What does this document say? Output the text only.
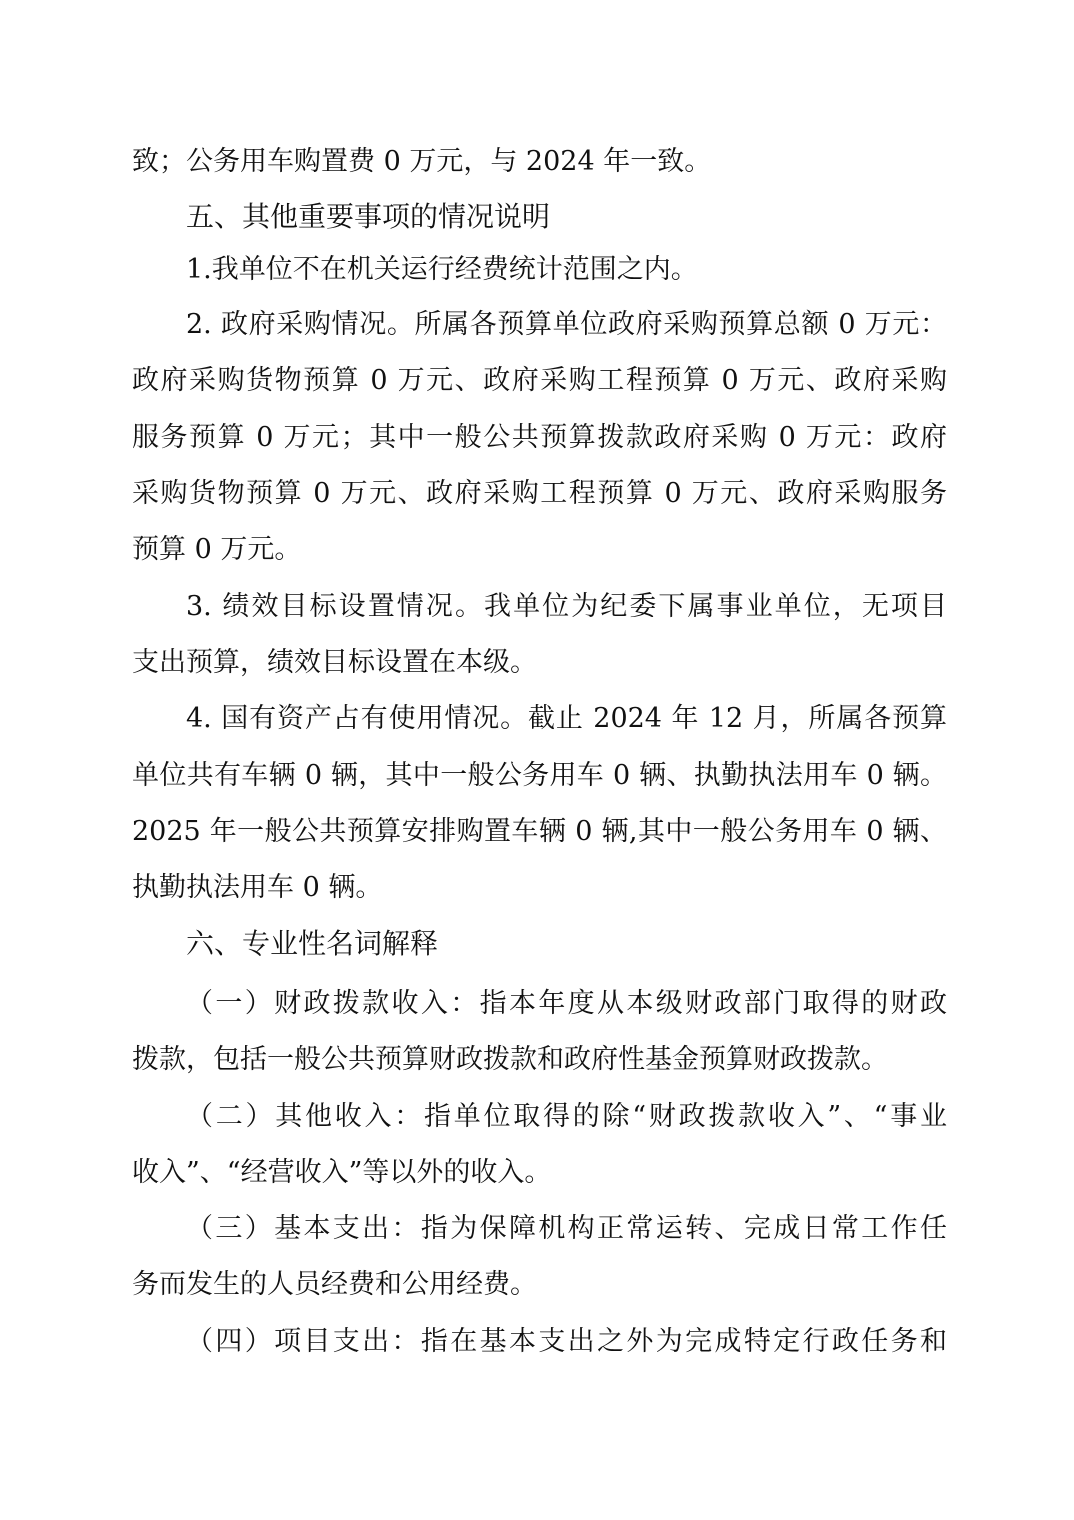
致；公务用车购置费 0 万元，与 2024 年一致。
五、其他重要事项的情况说明
1.我单位不在机关运行经费统计范围之内。
2. 政府采购情况。所属各预算单位政府采购预算总额 0 万元：
政府采购货物预算 0 万元、政府采购工程预算 0 万元、政府采购
服务预算 0 万元；其中一般公共预算拨款政府采购 0 万元：政府
采购货物预算 0 万元、政府采购工程预算 0 万元、政府采购服务
预算 0 万元。
3. 绩效目标设置情况。我单位为纪委下属事业单位，无项目
支出预算，绩效目标设置在本级。
4. 国有资产占有使用情况。截止 2024 年 12 月，所属各预算
单位共有车辆 0 辆，其中一般公务用车 0 辆、执勤执法用车 0 辆。
2025 年一般公共预算安排购置车辆 0 辆,其中一般公务用车 0 辆、
执勤执法用车 0 辆。
六、专业性名词解释
（一）财政拨款收入：指本年度从本级财政部门取得的财政
拨款，包括一般公共预算财政拨款和政府性基金预算财政拨款。
（二）其他收入：指单位取得的除“财政拨款收入”、“事业
收入”、“经营收入”等以外的收入。
（三）基本支出：指为保障机构正常运转、完成日常工作任
务而发生的人员经费和公用经费。
（四）项目支出：指在基本支出之外为完成特定行政任务和
